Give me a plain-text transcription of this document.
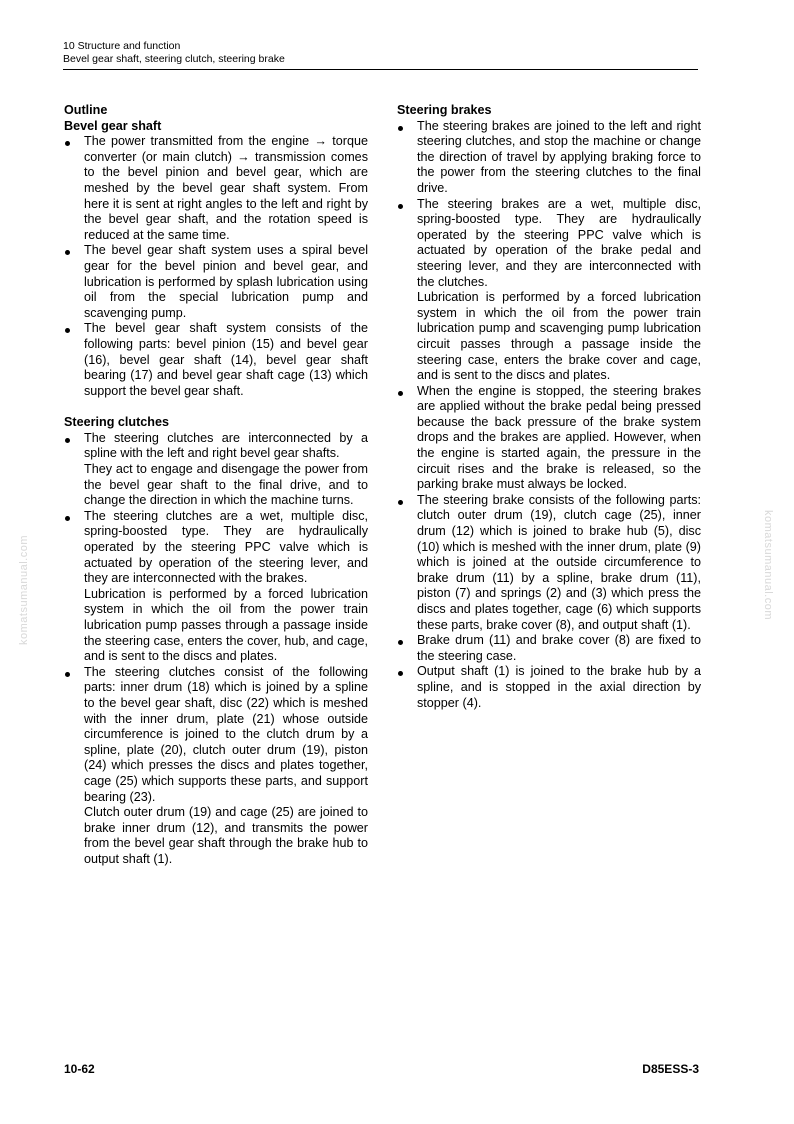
10 Structure and function
Bevel gear shaft, steering clutch, steering brake

Outline

Bevel gear shaft

The power transmitted from the engine → torque converter (or main clutch) → transmission comes to the bevel pinion and bevel gear, which are meshed by the bevel gear shaft system. From here it is sent at right angles to the left and right by the bevel gear shaft, and the rotation speed is reduced at the same time.

The bevel gear shaft system uses a spiral bevel gear for the bevel pinion and bevel gear, and lubrication is performed by splash lubrication using oil from the special lubrication pump and scavenging pump.

The bevel gear shaft system consists of the following parts: bevel pinion (15) and bevel gear (16), bevel gear shaft (14), bevel gear shaft bearing (17) and bevel gear shaft cage (13) which support the bevel gear shaft.

Steering clutches

The steering clutches are interconnected by a spline with the left and right bevel gear shafts.

They act to engage and disengage the power from the bevel gear shaft to the final drive, and to change the direction in which the machine turns.

The steering clutches are a wet, multiple disc, spring-boosted type. They are hydraulically operated by the steering PPC valve which is actuated by operation of the steering lever, and they are interconnected with the brakes.

Lubrication is performed by a forced lubrication system in which the oil from the power train lubrication pump passes through a passage inside the steering case, enters the cover, hub, and cage, and is sent to the discs and plates.

The steering clutches consist of the following parts: inner drum (18) which is joined by a spline to the bevel gear shaft, disc (22) which is meshed with the inner drum, plate (21) whose outside circumference is joined to the clutch drum by a spline, plate (20), clutch outer drum (19), piston (24) which presses the discs and plates together, cage (25) which supports these parts, and support bearing (23).

Clutch outer drum (19) and cage (25) are joined to brake inner drum (12), and transmits the power from the bevel gear shaft through the brake hub to output shaft (1).

Steering brakes

The steering brakes are joined to the left and right steering clutches, and stop the machine or change the direction of travel by applying braking force to the power from the steering clutches to the final drive.

The steering brakes are a wet, multiple disc, spring-boosted type. They are hydraulically operated by the steering PPC valve which is actuated by operation of the brake pedal and steering lever, and they are interconnected with the clutches.

Lubrication is performed by a forced lubrication system in which the oil from the power train lubrication pump and scavenging pump lubrication circuit passes through a passage inside the steering case, enters the brake cover and cage, and is sent to the discs and plates.

When the engine is stopped, the steering brakes are applied without the brake pedal being pressed because the back pressure of the brake system drops and the brakes are applied. However, when the engine is started again, the pressure in the circuit rises and the brake is released, so the parking brake must always be locked.

The steering brake consists of the following parts: clutch outer drum (19), clutch cage (25), inner drum (12) which is joined to brake hub (5), disc (10) which is meshed with the inner drum, plate (9) which is joined at the outside circumference to brake drum (11) by a spline, brake drum (11), piston (7) and springs (2) and (3) which press the discs and plates together, cage (6) which supports these parts, brake cover (8), and output shaft (1).

Brake drum (11) and brake cover (8) are fixed to the steering case.

Output shaft (1) is joined to the brake hub by a spline, and is stopped in the axial direction by stopper (4).

komatsumanual.com	komatsumanual.com
10-62	D85ESS-3
